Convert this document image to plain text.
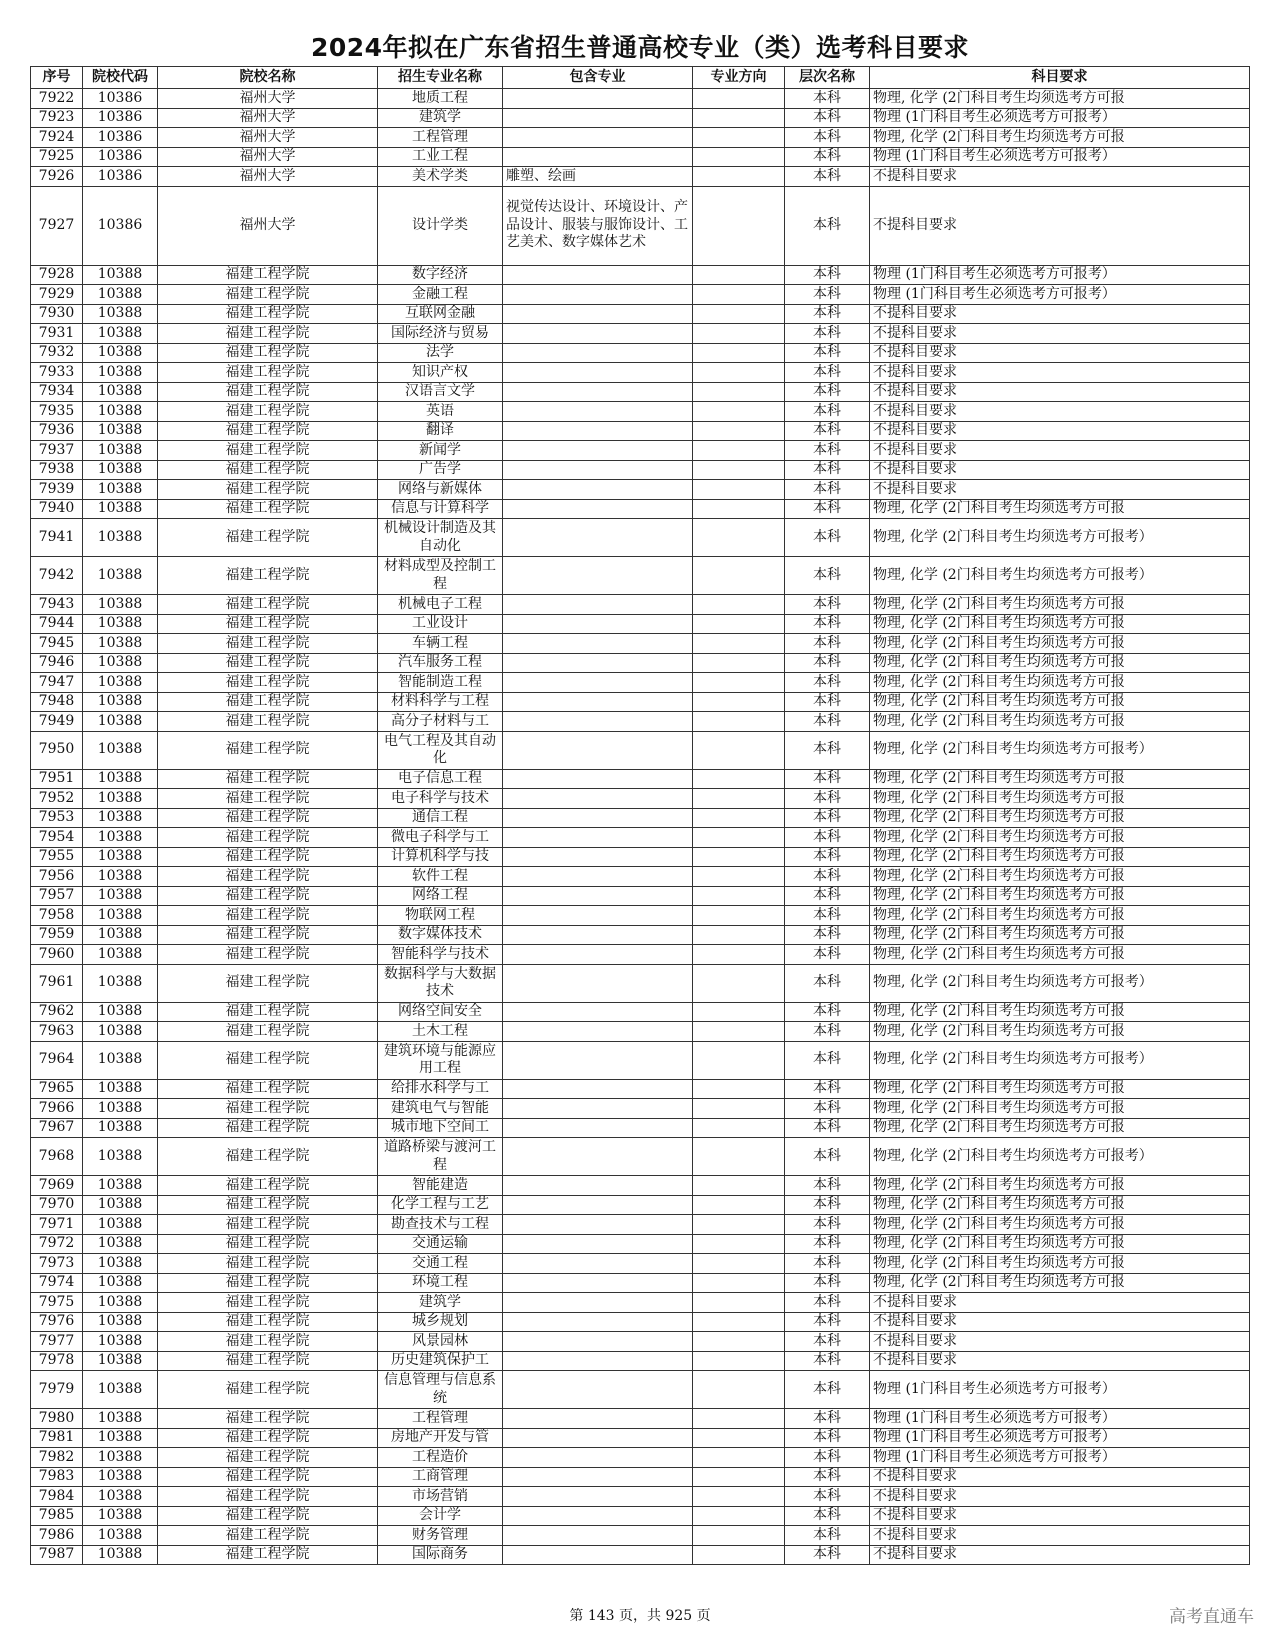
2024年拟在广东省招生普通高校专业（类）选考科目要求
序号	院校代码	院校名称	招生专业名称	包含专业	专业方向	层次名称	科目要求
7922	10386	福州大学	地质工程			本科	物理, 化学 (2门科目考生均须选考方可报
7923	10386	福州大学	建筑学			本科	物理 (1门科目考生必须选考方可报考）
7924	10386	福州大学	工程管理			本科	物理, 化学 (2门科目考生均须选考方可报
7925	10386	福州大学	工业工程			本科	物理 (1门科目考生必须选考方可报考）
7926	10386	福州大学	美术学类	雕塑、绘画		本科	不提科目要求
7927	10386	福州大学	设计学类	视觉传达设计、环境设计、产品设计、服装与服饰设计、工艺美术、数字媒体艺术		本科	不提科目要求
7928	10388	福建工程学院	数字经济			本科	物理 (1门科目考生必须选考方可报考）
7929	10388	福建工程学院	金融工程			本科	物理 (1门科目考生必须选考方可报考）
7930	10388	福建工程学院	互联网金融			本科	不提科目要求
7931	10388	福建工程学院	国际经济与贸易			本科	不提科目要求
7932	10388	福建工程学院	法学			本科	不提科目要求
7933	10388	福建工程学院	知识产权			本科	不提科目要求
7934	10388	福建工程学院	汉语言文学			本科	不提科目要求
7935	10388	福建工程学院	英语			本科	不提科目要求
7936	10388	福建工程学院	翻译			本科	不提科目要求
7937	10388	福建工程学院	新闻学			本科	不提科目要求
7938	10388	福建工程学院	广告学			本科	不提科目要求
7939	10388	福建工程学院	网络与新媒体			本科	不提科目要求
7940	10388	福建工程学院	信息与计算科学			本科	物理, 化学 (2门科目考生均须选考方可报
7941	10388	福建工程学院	机械设计制造及其自动化			本科	物理, 化学 (2门科目考生均须选考方可报考）
7942	10388	福建工程学院	材料成型及控制工程			本科	物理, 化学 (2门科目考生均须选考方可报考）
7943	10388	福建工程学院	机械电子工程			本科	物理, 化学 (2门科目考生均须选考方可报
7944	10388	福建工程学院	工业设计			本科	物理, 化学 (2门科目考生均须选考方可报
7945	10388	福建工程学院	车辆工程			本科	物理, 化学 (2门科目考生均须选考方可报
7946	10388	福建工程学院	汽车服务工程			本科	物理, 化学 (2门科目考生均须选考方可报
7947	10388	福建工程学院	智能制造工程			本科	物理, 化学 (2门科目考生均须选考方可报
7948	10388	福建工程学院	材料科学与工程			本科	物理, 化学 (2门科目考生均须选考方可报
7949	10388	福建工程学院	高分子材料与工			本科	物理, 化学 (2门科目考生均须选考方可报
7950	10388	福建工程学院	电气工程及其自动化			本科	物理, 化学 (2门科目考生均须选考方可报考）
7951	10388	福建工程学院	电子信息工程			本科	物理, 化学 (2门科目考生均须选考方可报
7952	10388	福建工程学院	电子科学与技术			本科	物理, 化学 (2门科目考生均须选考方可报
7953	10388	福建工程学院	通信工程			本科	物理, 化学 (2门科目考生均须选考方可报
7954	10388	福建工程学院	微电子科学与工			本科	物理, 化学 (2门科目考生均须选考方可报
7955	10388	福建工程学院	计算机科学与技			本科	物理, 化学 (2门科目考生均须选考方可报
7956	10388	福建工程学院	软件工程			本科	物理, 化学 (2门科目考生均须选考方可报
7957	10388	福建工程学院	网络工程			本科	物理, 化学 (2门科目考生均须选考方可报
7958	10388	福建工程学院	物联网工程			本科	物理, 化学 (2门科目考生均须选考方可报
7959	10388	福建工程学院	数字媒体技术			本科	物理, 化学 (2门科目考生均须选考方可报
7960	10388	福建工程学院	智能科学与技术			本科	物理, 化学 (2门科目考生均须选考方可报
7961	10388	福建工程学院	数据科学与大数据技术			本科	物理, 化学 (2门科目考生均须选考方可报考）
7962	10388	福建工程学院	网络空间安全			本科	物理, 化学 (2门科目考生均须选考方可报
7963	10388	福建工程学院	土木工程			本科	物理, 化学 (2门科目考生均须选考方可报
7964	10388	福建工程学院	建筑环境与能源应用工程			本科	物理, 化学 (2门科目考生均须选考方可报考）
7965	10388	福建工程学院	给排水科学与工			本科	物理, 化学 (2门科目考生均须选考方可报
7966	10388	福建工程学院	建筑电气与智能			本科	物理, 化学 (2门科目考生均须选考方可报
7967	10388	福建工程学院	城市地下空间工			本科	物理, 化学 (2门科目考生均须选考方可报
7968	10388	福建工程学院	道路桥梁与渡河工程			本科	物理, 化学 (2门科目考生均须选考方可报考）
7969	10388	福建工程学院	智能建造			本科	物理, 化学 (2门科目考生均须选考方可报
7970	10388	福建工程学院	化学工程与工艺			本科	物理, 化学 (2门科目考生均须选考方可报
7971	10388	福建工程学院	勘查技术与工程			本科	物理, 化学 (2门科目考生均须选考方可报
7972	10388	福建工程学院	交通运输			本科	物理, 化学 (2门科目考生均须选考方可报
7973	10388	福建工程学院	交通工程			本科	物理, 化学 (2门科目考生均须选考方可报
7974	10388	福建工程学院	环境工程			本科	物理, 化学 (2门科目考生均须选考方可报
7975	10388	福建工程学院	建筑学			本科	不提科目要求
7976	10388	福建工程学院	城乡规划			本科	不提科目要求
7977	10388	福建工程学院	风景园林			本科	不提科目要求
7978	10388	福建工程学院	历史建筑保护工			本科	不提科目要求
7979	10388	福建工程学院	信息管理与信息系统			本科	物理 (1门科目考生必须选考方可报考）
7980	10388	福建工程学院	工程管理			本科	物理 (1门科目考生必须选考方可报考）
7981	10388	福建工程学院	房地产开发与管			本科	物理 (1门科目考生必须选考方可报考）
7982	10388	福建工程学院	工程造价			本科	物理 (1门科目考生必须选考方可报考）
7983	10388	福建工程学院	工商管理			本科	不提科目要求
7984	10388	福建工程学院	市场营销			本科	不提科目要求
7985	10388	福建工程学院	会计学			本科	不提科目要求
7986	10388	福建工程学院	财务管理			本科	不提科目要求
7987	10388	福建工程学院	国际商务			本科	不提科目要求
第 143 页，共 925 页	高考直通车
